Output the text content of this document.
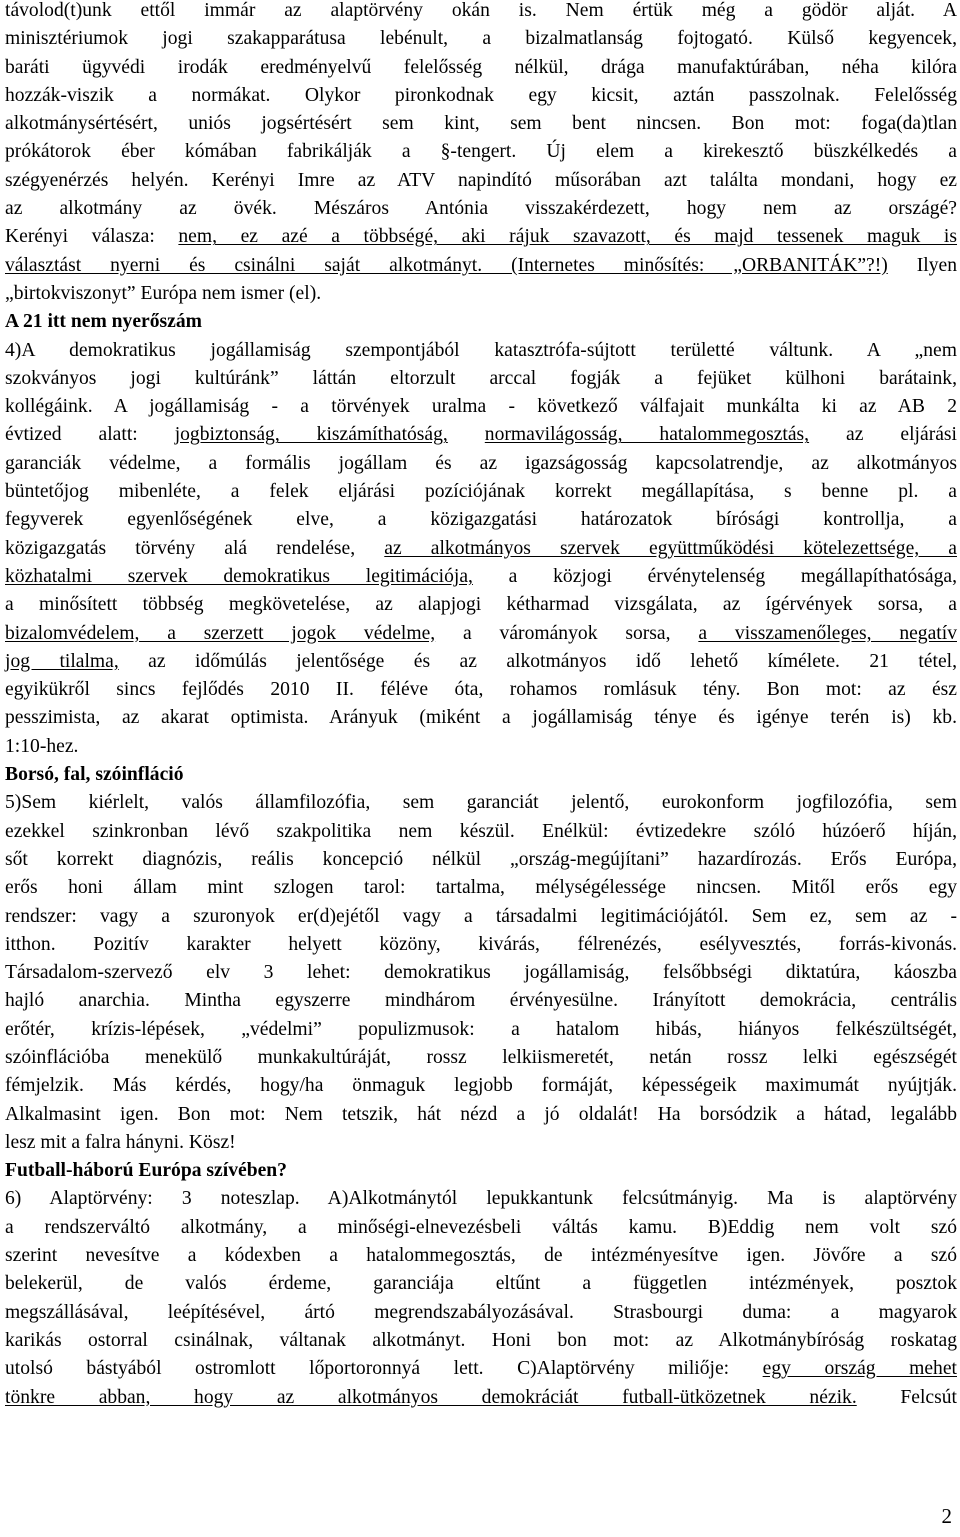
távolod(t)unk ettől immár az alaptörvény okán is. Nem értük még a gödör alját. A
minisztériumok jogi szakapparátusa lebénult, a bizalmatlanság fojtogató. Külső kegyencek,
baráti ügyvédi irodák eredményelvű felelősség nélkül, drága manufaktúrában, néha kilóra
hozzák-viszik a normákat. Olykor pironkodnak egy kicsit, aztán passzolnak. Felelősség
alkotmánysértésért, uniós jogsértésért sem kint, sem bent nincsen. Bon mot: foga(da)tlan
prókátorok éber kómában fabrikálják a §-tengert. Új elem a kirekesztő büszkélkedés a
szégyenérzés helyén. Kerényi Imre az ATV napindító műsorában azt találta mondani, hogy ez
az alkotmány az övék. Mészáros Antónia visszakérdezett, hogy nem az országé?
Kerényi válasza: nem, ez azé a többségé, aki rájuk szavazott, és majd tessenek maguk is
választást nyerni és csinálni saját alkotmányt. (Internetes minősítés: „ORBANITÁK”?!) Ilyen
„birtokviszonyt” Európa nem ismer (el).
A 21 itt nem nyerőszám
4)A demokratikus jogállamiság szempontjából katasztrófa-sújtott területté váltunk. A „nem
szokványos jogi kultúránk” láttán eltorzult arccal fogják a fejüket külhoni barátaink,
kollégáink. A jogállamiság - a törvények uralma - következő válfajait munkálta ki az AB 2
évtized alatt: jogbiztonság, kiszámíthatóság, normavilágosság, hatalommegosztás, az eljárási
garanciák védelme, a formális jogállam és az igazságosság kapcsolatrendje, az alkotmányos
büntetőjog mibenléte, a felek eljárási pozíciójának korrekt megállapítása, s benne pl. a
fegyverek egyenlőségének elve, a közigazgatási határozatok bírósági kontrollja, a
közigazgatás törvény alá rendelése, az alkotmányos szervek együttműködési kötelezettsége, a
közhatalmi szervek demokratikus legitimációja, a közjogi érvénytelenség megállapíthatósága,
a minősített többség megkövetelése, az alapjogi kétharmad vizsgálata, az ígérvények sorsa, a
bizalomvédelem, a szerzett jogok védelme, a várományok sorsa, a visszamenőleges, negatív
jog tilalma, az időmúlás jelentősége és az alkotmányos idő lehető kímélete. 21 tétel,
egyikükről sincs fejlődés 2010 II. féléve óta, rohamos romlásuk tény. Bon mot: az ész
pesszimista, az akarat optimista. Arányuk (miként a jogállamiság ténye és igénye terén is) kb.
1:10-hez.
Borsó, fal, szóinfláció
5)Sem kiérlelt, valós államfilozófia, sem garanciát jelentő, eurokonform jogfilozófia, sem
ezekkel szinkronban lévő szakpolitika nem készül. Enélkül: évtizedekre szóló húzóerő híján,
sőt korrekt diagnózis, reális koncepció nélkül „ország-megújítani” hazardírozás. Erős Európa,
erős honi állam mint szlogen tarol: tartalma, mélységélessége nincsen. Mitől erős egy
rendszer: vagy a szuronyok er(d)ejétől vagy a társadalmi legitimációjától. Sem ez, sem az -
itthon. Pozitív karakter helyett közöny, kivárás, félrenézés, esélyvesztés, forrás-kivonás.
Társadalom-szervező elv 3 lehet: demokratikus jogállamiság, felsőbbségi diktatúra, káoszba
hajló anarchia. Mintha egyszerre mindhárom érvényesülne. Irányított demokrácia, centrális
erőtér, krízis-lépések, „védelmi” populizmusok: a hatalom hibás, hiányos felkészültségét,
szóinflációba menekülő munkakultúráját, rossz lelkiismeretét, netán rossz lelki egészségét
fémjelzik. Más kérdés, hogy/ha önmaguk legjobb formáját, képességeik maximumát nyújtják.
Alkalmasint igen. Bon mot: Nem tetszik, hát nézd a jó oldalát! Ha borsódzik a hátad, legalább
lesz mit a falra hányni. Kösz!
Futball-háború Európa szívében?
6) Alaptörvény: 3 noteszlap. A)Alkotmánytól lepukkantunk felcsútmányig. Ma is alaptörvény
a rendszerváltó alkotmány, a minőségi-elnevezésbeli váltás kamu. B)Eddig nem volt szó
szerint nevesítve a kódexben a hatalommegosztás, de intézményesítve igen. Jövőre a szó
belekerül, de valós érdeme, garanciája eltűnt a független intézmények, posztok
megszállásával, leépítésével, ártó megrendszabályozásával. Strasbourgi duma: a magyarok
karikás ostorral csinálnak, váltanak alkotmányt. Honi bon mot: az Alkotmánybíróság roskatag
utolsó bástyából ostromlott lőportoronnyá lett. C)Alaptörvény miliője: egy ország mehet
tönkre abban, hogy az alkotmányos demokráciát futball-ütközetnek nézik. Felcsút
2
